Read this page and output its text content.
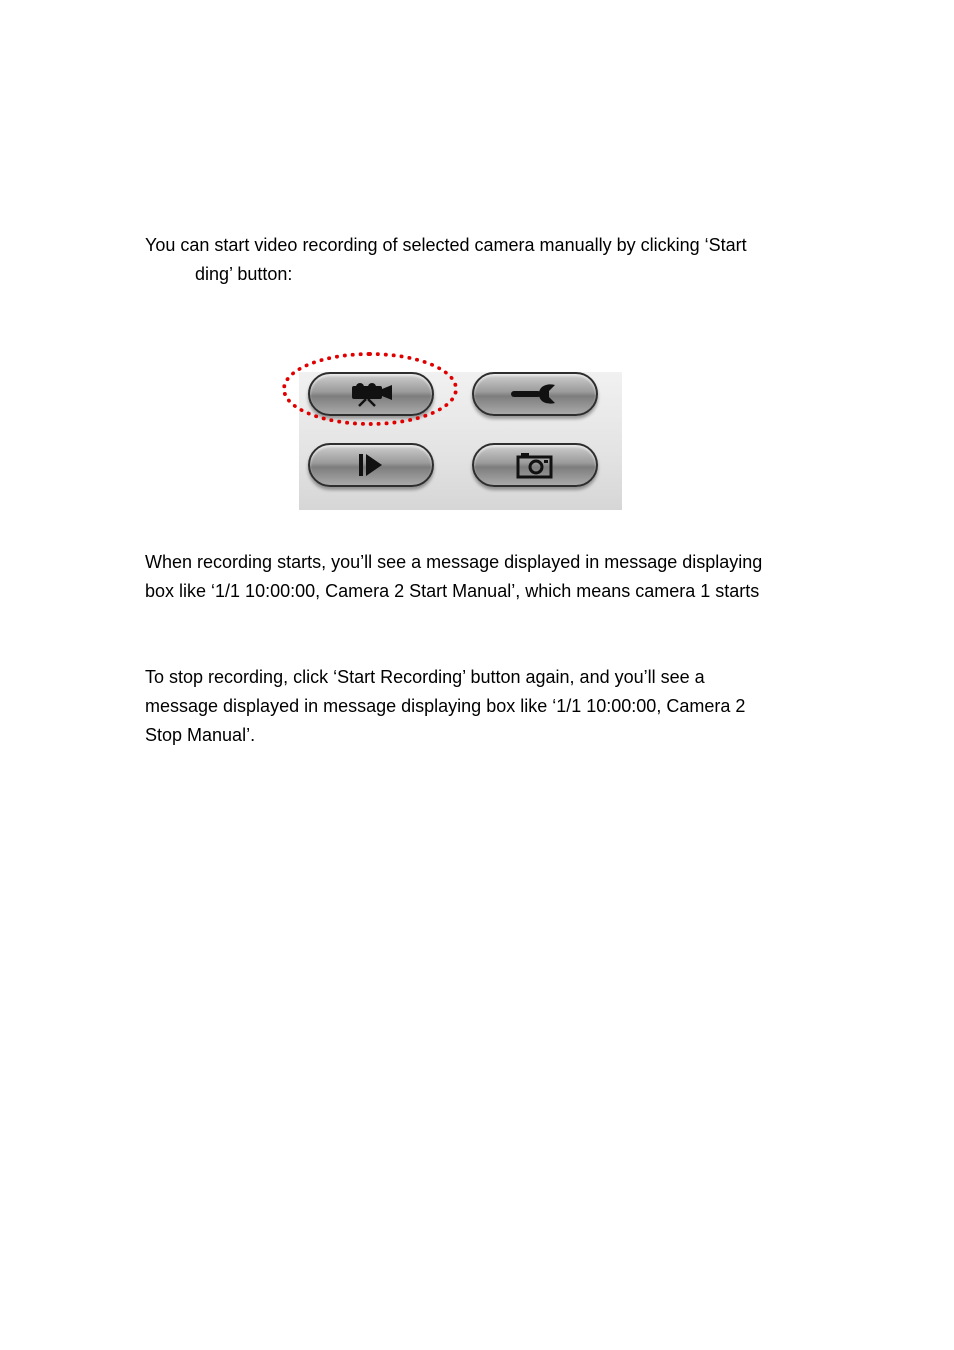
You can start video recording of selected camera manually by clicking ‘Start
ding’ button:
When recording starts, you’ll see a message displayed in message displaying
box like ‘1/1 10:00:00, Camera 2 Start Manual’, which means camera 1 starts
To stop recording, click ‘Start Recording’ button again, and you’ll see a
message displayed in message displaying box like ‘1/1 10:00:00, Camera 2
Stop Manual’.
